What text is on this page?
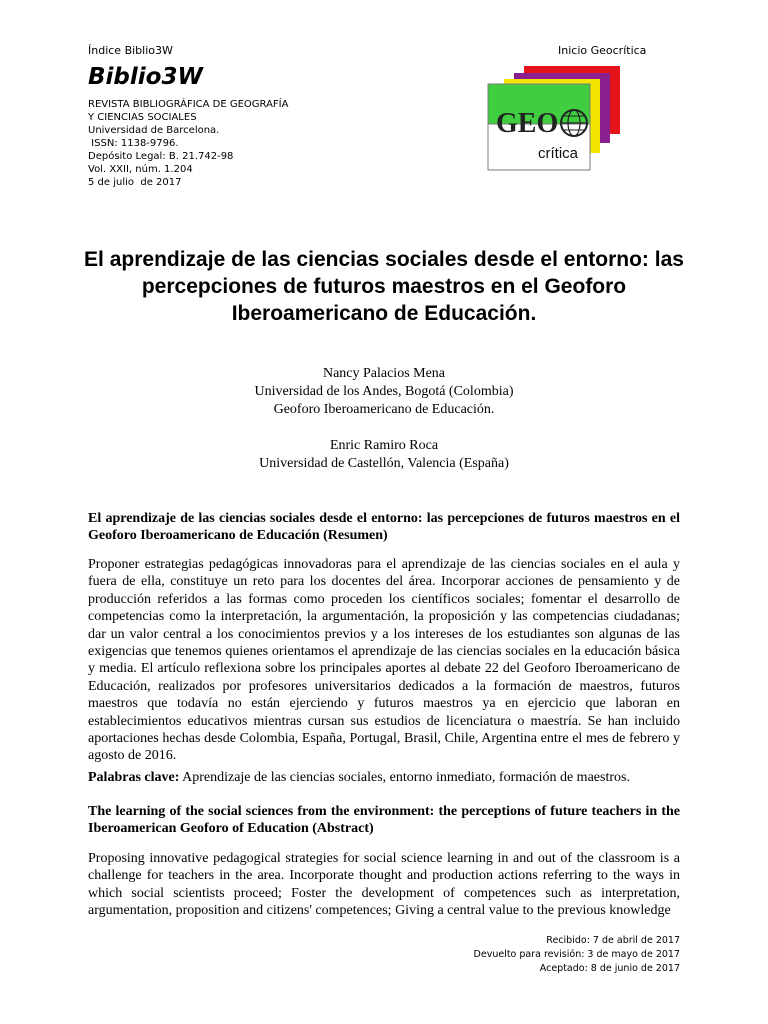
Índice Biblio3W	Inicio Geocrítica
Biblio3W
REVISTA BIBLIOGRÁFICA DE GEOGRAFÍA
Y CIENCIAS SOCIALES
Universidad de Barcelona.
ISSN: 1138-9796.
Depósito Legal: B. 21.742-98
Vol. XXII, núm. 1.204
5 de julio  de 2017
GEO
crítica
El aprendizaje de las ciencias sociales desde el entorno: las percepciones de futuros maestros en el Geoforo Iberoamericano de Educación.
Nancy Palacios Mena
Universidad de los Andes, Bogotá (Colombia)
Geoforo Iberoamericano de Educación.
Enric Ramiro Roca
Universidad de Castellón, Valencia (España)
El aprendizaje de las ciencias sociales desde el entorno: las percepciones de futuros maestros en el Geoforo Iberoamericano de Educación (Resumen)
Proponer estrategias pedagógicas innovadoras para el aprendizaje de las ciencias sociales en el aula y fuera de ella, constituye un reto para los docentes del área. Incorporar acciones de pensamiento y de producción referidos a las formas como proceden los científicos sociales; fomentar el desarrollo de competencias como la interpretación, la argumentación, la proposición y las competencias ciudadanas; dar un valor central a los conocimientos previos y a los intereses de los estudiantes son algunas de las exigencias que tenemos quienes orientamos el aprendizaje de las ciencias sociales en la educación básica y media. El artículo reflexiona sobre los principales aportes al debate 22 del Geoforo Iberoamericano de Educación, realizados por profesores universitarios dedicados a la formación de maestros, futuros maestros que todavía no están ejerciendo y futuros maestros ya en ejercicio que laboran en establecimientos educativos mientras cursan sus estudios de licenciatura o maestría. Se han incluido aportaciones hechas desde Colombia, España, Portugal, Brasil, Chile, Argentina entre el mes de febrero y agosto de 2016.
Palabras clave: Aprendizaje de las ciencias sociales, entorno inmediato, formación de maestros.
The learning of the social sciences from the environment: the perceptions of future teachers in the Iberoamerican Geoforo of Education (Abstract)
Proposing innovative pedagogical strategies for social science learning in and out of the classroom is a challenge for teachers in the area. Incorporate thought and production actions referring to the ways in which social scientists proceed; Foster the development of competences such as interpretation, argumentation, proposition and citizens' competences; Giving a central value to the previous knowledge
Recibido: 7 de abril de 2017
Devuelto para revisión: 3 de mayo de 2017
Aceptado: 8 de junio de 2017
